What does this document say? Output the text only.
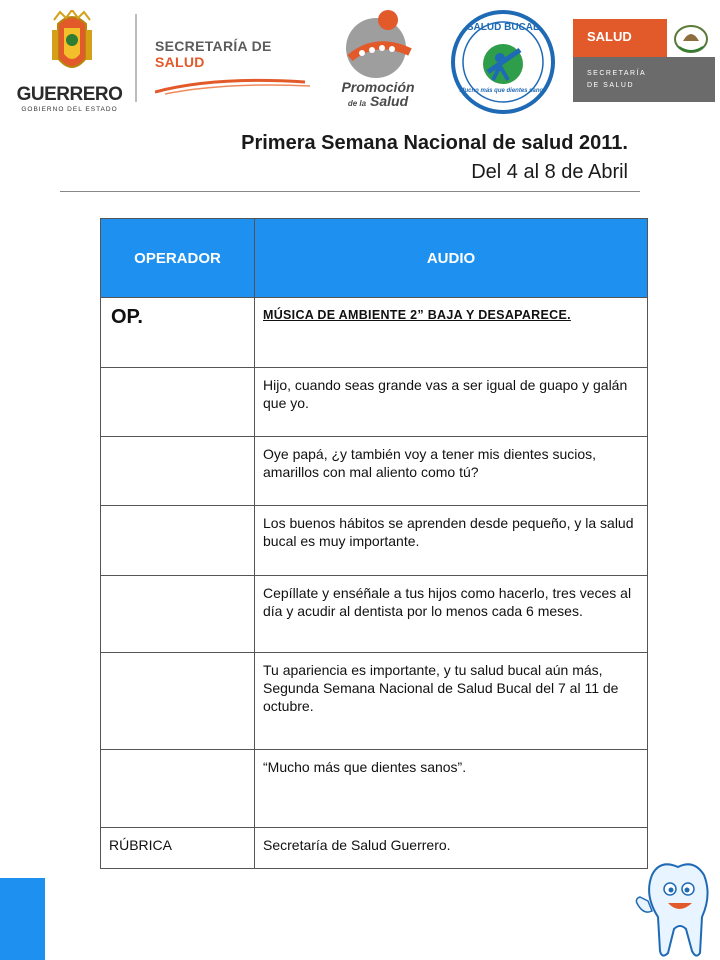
GUERRERO
GOBIERNO DEL ESTADO
SECRETARÍA DE
SALUD
Promoción
de la Salud
SALUD BUCAL
Mucho más que dientes sanos
SALUD
SECRETARÍA
DE SALUD
Primera Semana Nacional de salud 2011.
Del 4 al 8 de Abril
OPERADOR	AUDIO

OP.	MÚSICA DE AMBIENTE 2” BAJA Y DESAPARECE.

	Hijo, cuando seas grande vas a ser igual de guapo y galán que yo.

	Oye papá, ¿y también voy a tener mis dientes sucios, amarillos con mal aliento como tú?

	Los buenos hábitos se aprenden desde pequeño, y la salud bucal es muy importante.

	Cepíllate y enséñale a tus hijos como hacerlo, tres veces al día y acudir al dentista por lo menos cada 6 meses.

	Tu apariencia es importante, y tu salud bucal aún más, Segunda Semana Nacional de Salud Bucal del 7 al 11 de octubre.

	“Mucho más que dientes sanos”.

RÚBRICA	Secretaría de Salud Guerrero.
